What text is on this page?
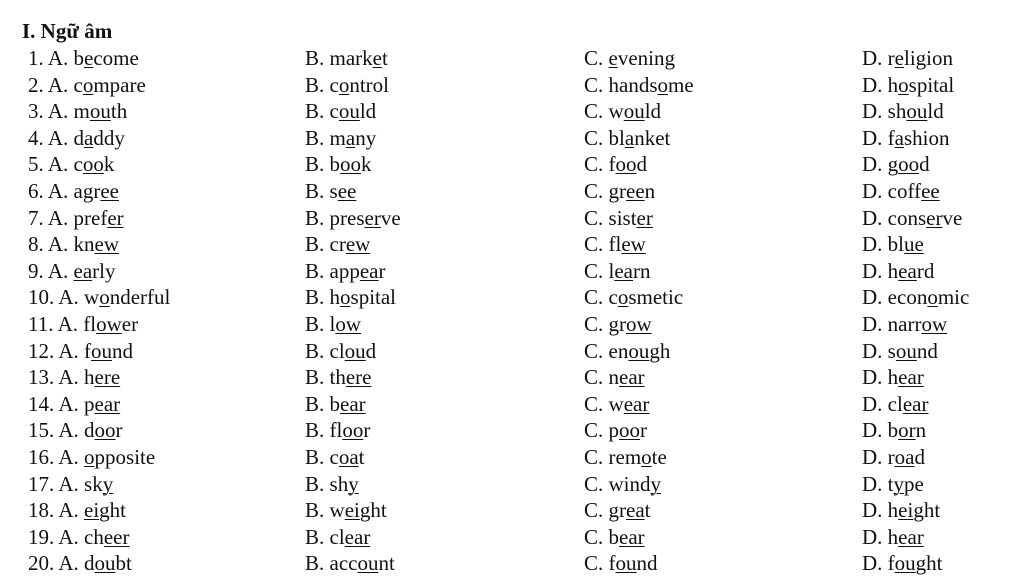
I. Ngữ âm
1. A. become	B. market	C. evening	D. religion
2. A. compare	B. control	C. handsome	D. hospital
3. A. mouth	B. could	C. would	D. should
4. A. daddy	B. many	C. blanket	D. fashion
5. A. cook	B. book	C. food	D. good
6. A. agree	B. see	C. green	D. coffee
7. A. prefer	B. preserve	C. sister	D. conserve
8. A. knew	B. crew	C. flew	D. blue
9. A. early	B. appear	C. learn	D. heard
10. A. wonderful	B. hospital	C. cosmetic	D. economic
11. A. flower	B. low	C. grow	D. narrow
12. A. found	B. cloud	C. enough	D. sound
13. A. here	B. there	C. near	D. hear
14. A. pear	B. bear	C. wear	D. clear
15. A. door	B. floor	C. poor	D. born
16. A. opposite	B. coat	C. remote	D. road
17. A. sky	B. shy	C. windy	D. type
18. A. eight	B. weight	C. great	D. height
19. A. cheer	B. clear	C. bear	D. hear
20. A. doubt	B. account	C. found	D. fought
